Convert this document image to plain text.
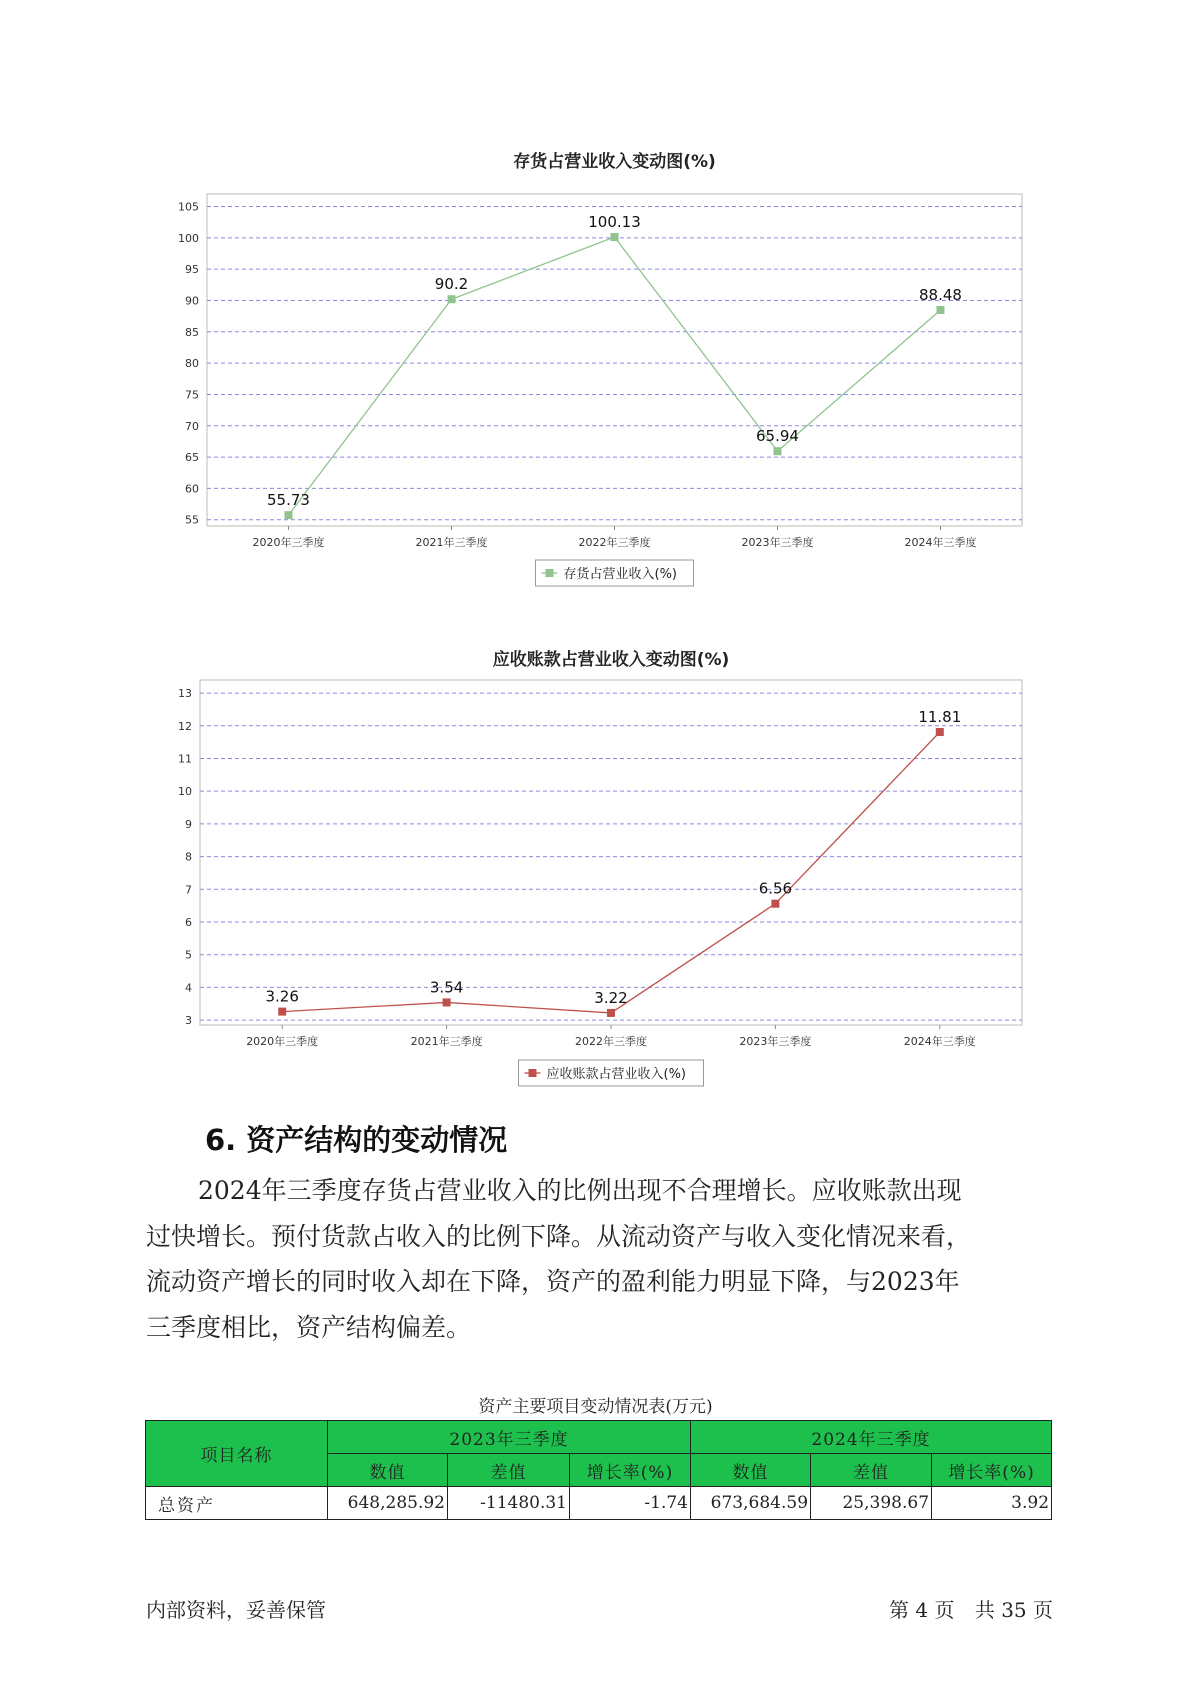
存货占营业收入变动图(%)
55
60
65
70
75
80
85
90
95
100
105
2020年三季度	2021年三季度	2022年三季度	2023年三季度	2024年三季度
55.73
90.2
100.13
65.94
88.48
存货占营业收入(%)
应收账款占营业收入变动图(%)
3
4
5
6
7
8
9
10
11
12
13
2020年三季度	2021年三季度	2022年三季度	2023年三季度	2024年三季度
3.26
3.54
3.22
6.56
11.81
应收账款占营业收入(%)
6. 资产结构的变动情况

2024年三季度存货占营业收入的比例出现不合理增长。应收账款出现
过快增长。预付货款占收入的比例下降。从流动资产与收入变化情况来看，
流动资产增长的同时收入却在下降，资产的盈利能力明显下降，与2023年
三季度相比，资产结构偏差。

资产主要项目变动情况表(万元)
项目名称	2023年三季度			2024年三季度		
	数值	差值	增长率(%)	数值	差值	增长率(%)
总资产	648,285.92	-11480.31	-1.74	673,684.59	25,398.67	3.92
内部资料，妥善保管	第 4 页 共 35 页
